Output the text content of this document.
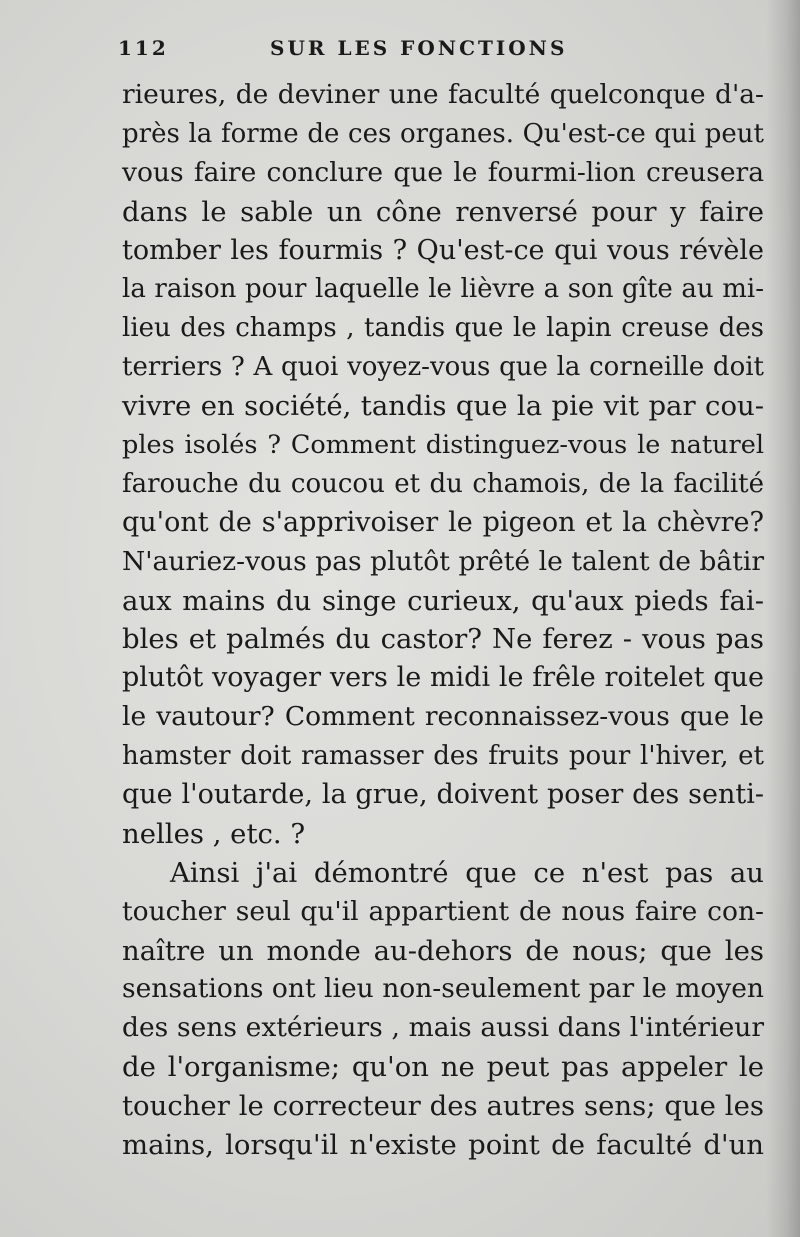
112	SUR LES FONCTIONS
rieures, de deviner une faculté quelconque d'a-
près la forme de ces organes. Qu'est-ce qui peut
vous faire conclure que le fourmi-lion creusera
dans le sable un cône renversé pour y faire
tomber les fourmis ? Qu'est-ce qui vous révèle
la raison pour laquelle le lièvre a son gîte au mi-
lieu des champs , tandis que le lapin creuse des
terriers ? A quoi voyez-vous que la corneille doit
vivre en société, tandis que la pie vit par cou-
ples isolés ? Comment distinguez-vous le naturel
farouche du coucou et du chamois, de la facilité
qu'ont de s'apprivoiser le pigeon et la chèvre?
N'auriez-vous pas plutôt prêté le talent de bâtir
aux mains du singe curieux, qu'aux pieds fai-
bles et palmés du castor? Ne ferez - vous pas
plutôt voyager vers le midi le frêle roitelet que
le vautour? Comment reconnaissez-vous que le
hamster doit ramasser des fruits pour l'hiver, et
que l'outarde, la grue, doivent poser des senti-
nelles , etc. ?
Ainsi j'ai démontré que ce n'est pas au
toucher seul qu'il appartient de nous faire con-
naître un monde au-dehors de nous; que les
sensations ont lieu non-seulement par le moyen
des sens extérieurs , mais aussi dans l'intérieur
de l'organisme; qu'on ne peut pas appeler le
toucher le correcteur des autres sens; que les
mains, lorsqu'il n'existe point de faculté d'un
